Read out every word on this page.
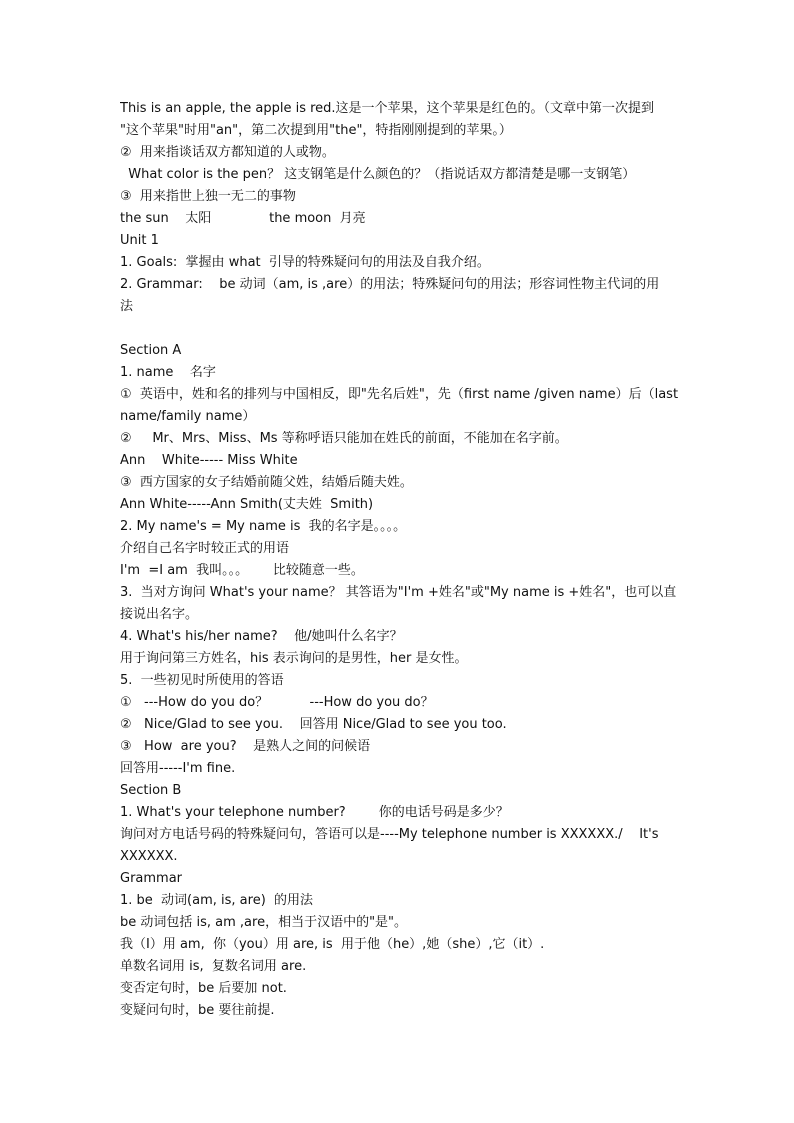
This is an apple, the apple is red.这是一个苹果，这个苹果是红色的。（文章中第一次提到
"这个苹果"时用"an"，第二次提到用"the"，特指刚刚提到的苹果。）
②  用来指谈话双方都知道的人或物。
What color is the pen？ 这支钢笔是什么颜色的？（指说话双方都清楚是哪一支钢笔）
③  用来指世上独一无二的事物
the sun    太阳              the moon  月亮
Unit 1
1. Goals:  掌握由 what  引导的特殊疑问句的用法及自我介绍。
2. Grammar:    be 动词（am, is ,are）的用法；特殊疑问句的用法；形容词性物主代词的用
法
Section A
1. name    名字
①  英语中，姓和名的排列与中国相反，即"先名后姓"，先（first name /given name）后（last
name/family name）
②     Mr、Mrs、Miss、Ms 等称呼语只能加在姓氏的前面，不能加在名字前。
Ann    White----- Miss White
③  西方国家的女子结婚前随父姓，结婚后随夫姓。
Ann White-----Ann Smith(丈夫姓  Smith)
2. My name's = My name is  我的名字是。。。。
介绍自己名字时较正式的用语
I'm  =I am  我叫。。。      比较随意一些。
3.  当对方询问 What's your name？ 其答语为"I'm +姓名"或"My name is +姓名"，也可以直
接说出名字。
4. What's his/her name?    他/她叫什么名字？
用于询问第三方姓名，his 表示询问的是男性，her 是女性。
5.  一些初见时所使用的答语
①   ---How do you do？          ---How do you do？
②   Nice/Glad to see you.    回答用 Nice/Glad to see you too.
③   How  are you?    是熟人之间的问候语
回答用-----I'm fine.
Section B
1. What's your telephone number?        你的电话号码是多少？
询问对方电话号码的特殊疑问句，答语可以是----My telephone number is XXXXXX./    It's
XXXXXX.
Grammar
1. be  动词(am, is, are)  的用法
be 动词包括 is, am ,are，相当于汉语中的"是"。
我（I）用 am,  你（you）用 are, is  用于他（he）,她（she）,它（it）.
单数名词用 is,  复数名词用 are.
变否定句时，be 后要加 not.
变疑问句时，be 要往前提.
